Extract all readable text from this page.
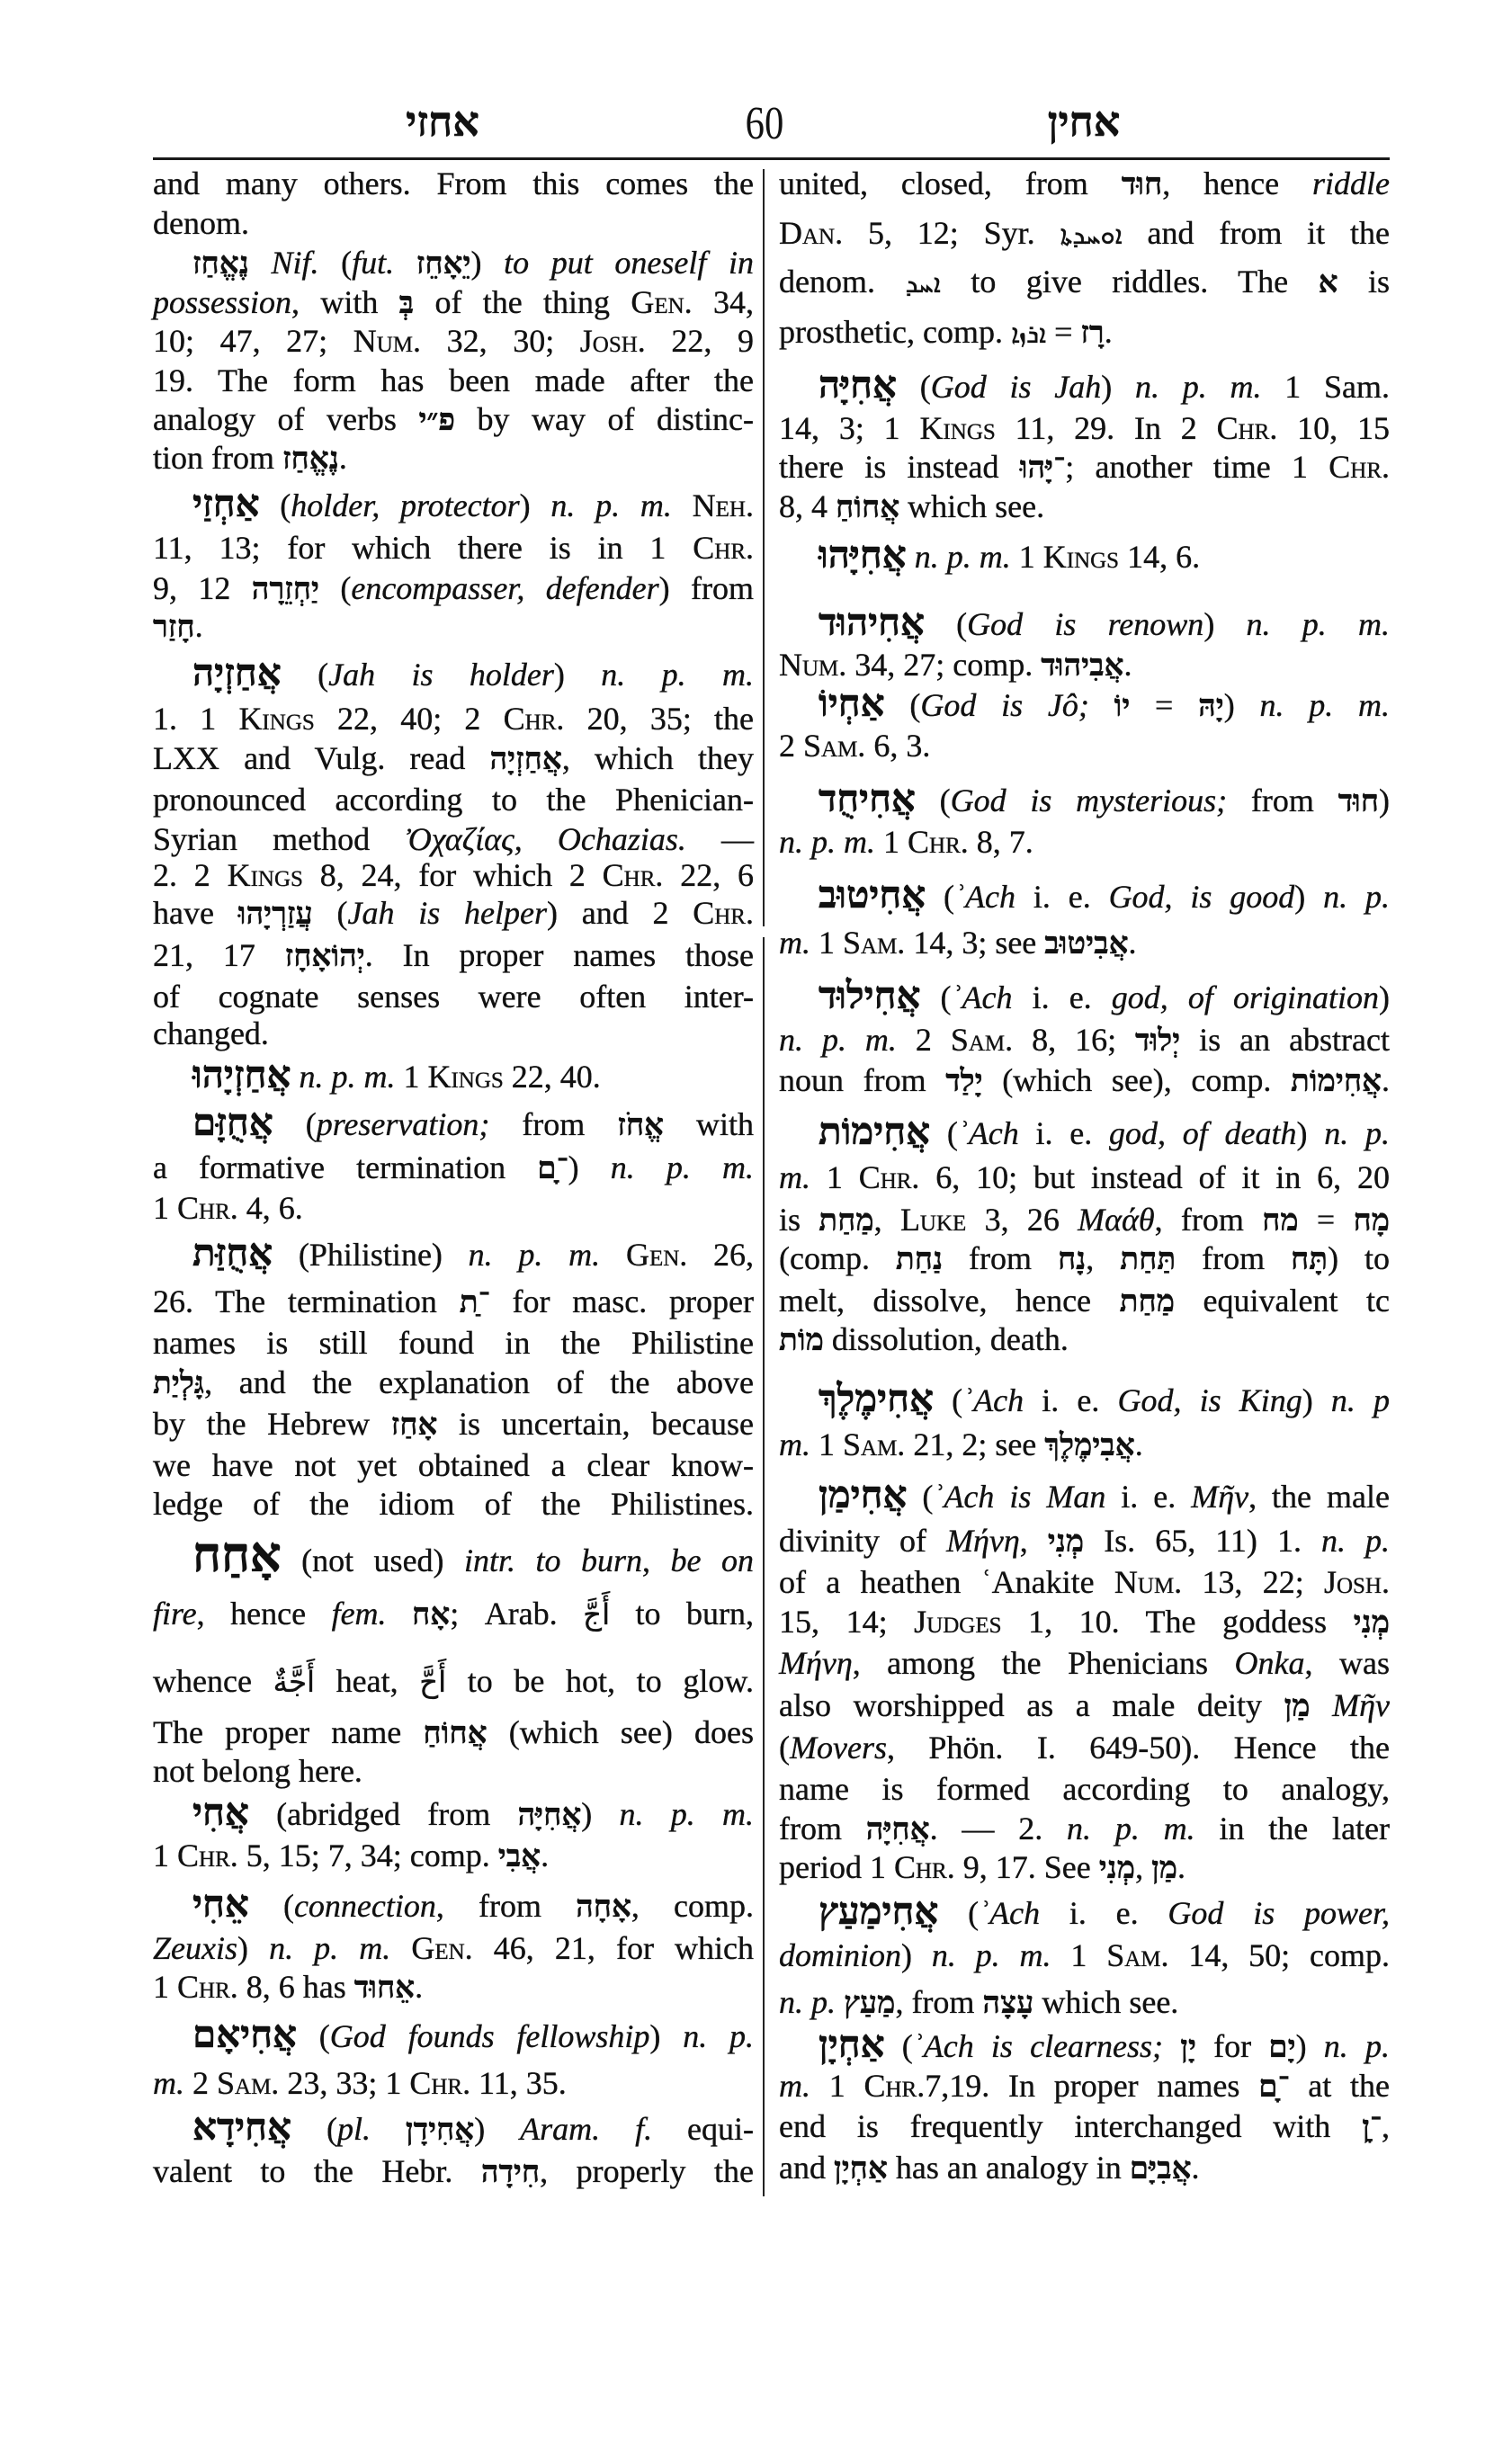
אחזי	60	אחין
and many others. From this comes the
denom.
נֶאֱחַז Nif. (fut. יֵאָחֵז) to put oneself in
possession, with בְּ of the thing Gen. 34,
10; 47, 27; Num. 32, 30; Josh. 22, 9
19. The form has been made after the
analogy of verbs פ״י by way of distinc-
tion from נֶאֱחַז.
אַחְזַי (holder, protector) n. p. m. Neh.
11, 13; for which there is in 1 Chr.
9, 12 יַחְזֵרָה (encompasser, defender) from
חָזַר.
אֲחַזְיָה (Jah is holder) n. p. m.
1. 1 Kings 22, 40; 2 Chr. 20, 35; the
LXX and Vulg. read אֲחַזְיָה, which they
pronounced according to the Phenician-
Syrian method Ὀχαζίας, Ochazias. —
2. 2 Kings 8, 24, for which 2 Chr. 22, 6
have עֲזַרְיָהוּ (Jah is helper) and 2 Chr.
21, 17 יְהוֹאָחָז. In proper names those
of cognate senses were often inter-
changed.
אֲחַזְיָהוּ n. p. m. 1 Kings 22, 40.
אֲחֻזָּם (preservation; from אֱחֹז with
a formative termination ־ָם) n. p. m.
1 Chr. 4, 6.
אֲחֻזַּת (Philistine) n. p. m. Gen. 26,
26. The termination ־ַת for masc. proper
names is still found in the Philistine
גָּלְיַת, and the explanation of the above
by the Hebrew אָחַז is uncertain, because
we have not yet obtained a clear know-
ledge of the idiom of the Philistines.
אָחַח (not used) intr. to burn, be on
fire, hence fem. אָח; Arab. أَجَّ to burn,
whence أَجَّةٌ heat, أَحَّ to be hot, to glow.
The proper name אֲחוֹחַ (which see) does
not belong here.
אֲחִי (abridged from אֲחִיָּה) n. p. m.
1 Chr. 5, 15; 7, 34; comp. אֲבִי.
אֵחִי (connection, from אָחָה, comp.
Zeuxis) n. p. m. Gen. 46, 21, for which
1 Chr. 8, 6 has אֵחוּד.
אֲחִיאָם (God founds fellowship) n. p.
m. 2 Sam. 23, 33; 1 Chr. 11, 35.
אֲחִידָא (pl. אֲחִידָן) Aram. f. equi-
valent to the Hebr. חִידָה, properly the
united, closed, from חוּד, hence riddle
Dan. 5, 12; Syr. ܐܘܚܕܬܐ and from it the
denom. ܐܚܕ to give riddles. The א is
prosthetic, comp. ܐܪܙܐ = רָז.
אֲחִיָּה (God is Jah) n. p. m. 1 Sam.
14, 3; 1 Kings 11, 29. In 2 Chr. 10, 15
there is instead ־יָּהוּ; another time 1 Chr.
8, 4 אֲחוֹחַ which see.
אֲחִיָּהוּ n. p. m. 1 Kings 14, 6.
אֲחִיהוּד (God is renown) n. p. m.
Num. 34, 27; comp. אֲבִיהוּד.
אַחְיוֹ (God is Jô; יוֹ = יָהּ) n. p. m.
2 Sam. 6, 3.
אֲחִיחֻד (God is mysterious; from חוּד)
n. p. m. 1 Chr. 8, 7.
אֲחִיטוּב (ʾAch i. e. God, is good) n. p.
m. 1 Sam. 14, 3; see אֲבִיטוּב.
אֲחִילוּד (ʾAch i. e. god, of origination)
n. p. m. 2 Sam. 8, 16; יְלוּד is an abstract
noun from יָלַד (which see), comp. אֲחִימוֹת.
אֲחִימוֹת (ʾAch i. e. god, of death) n. p.
m. 1 Chr. 6, 10; but instead of it in 6, 20
is מַחַת, Luke 3, 26 Μαάθ, from מח = מָח
(comp. נַחַת from נָח, תַּחַת from תָּח) to
melt, dissolve, hence מַחַת equivalent tc
מוֹת dissolution, death.
אֲחִימֶלֶךְ (ʾAch i. e. God, is King) n. p
m. 1 Sam. 21, 2; see אֲבִימֶלֶךְ.
אֲחִימַן (ʾAch is Man i. e. Μῆν, the male
divinity of Μήνη, מְנִי Is. 65, 11) 1. n. p.
of a heathen ʿAnakite Num. 13, 22; Josh.
15, 14; Judges 1, 10. The goddess מְנִי
Μήνη, among the Phenicians Onka, was
also worshipped as a male deity מַן Μῆν
(Movers, Phön. I. 649-50). Hence the
name is formed according to analogy,
from אֲחִיָּה. — 2. n. p. m. in the later
period 1 Chr. 9, 17. See מְנִי, מַן.
אֲחִימַעַץ (ʾAch i. e. God is power,
dominion) n. p. m. 1 Sam. 14, 50; comp.
n. p. מַעַץ, from עָצָה which see.
אַחְיָן (ʾAch is clearness; יָן for יָם) n. p.
m. 1 Chr.7,19. In proper names ־ָם at the
end is frequently interchanged with ־ָן,
and אַחְיָן has an analogy in אֲבִיָּם.
